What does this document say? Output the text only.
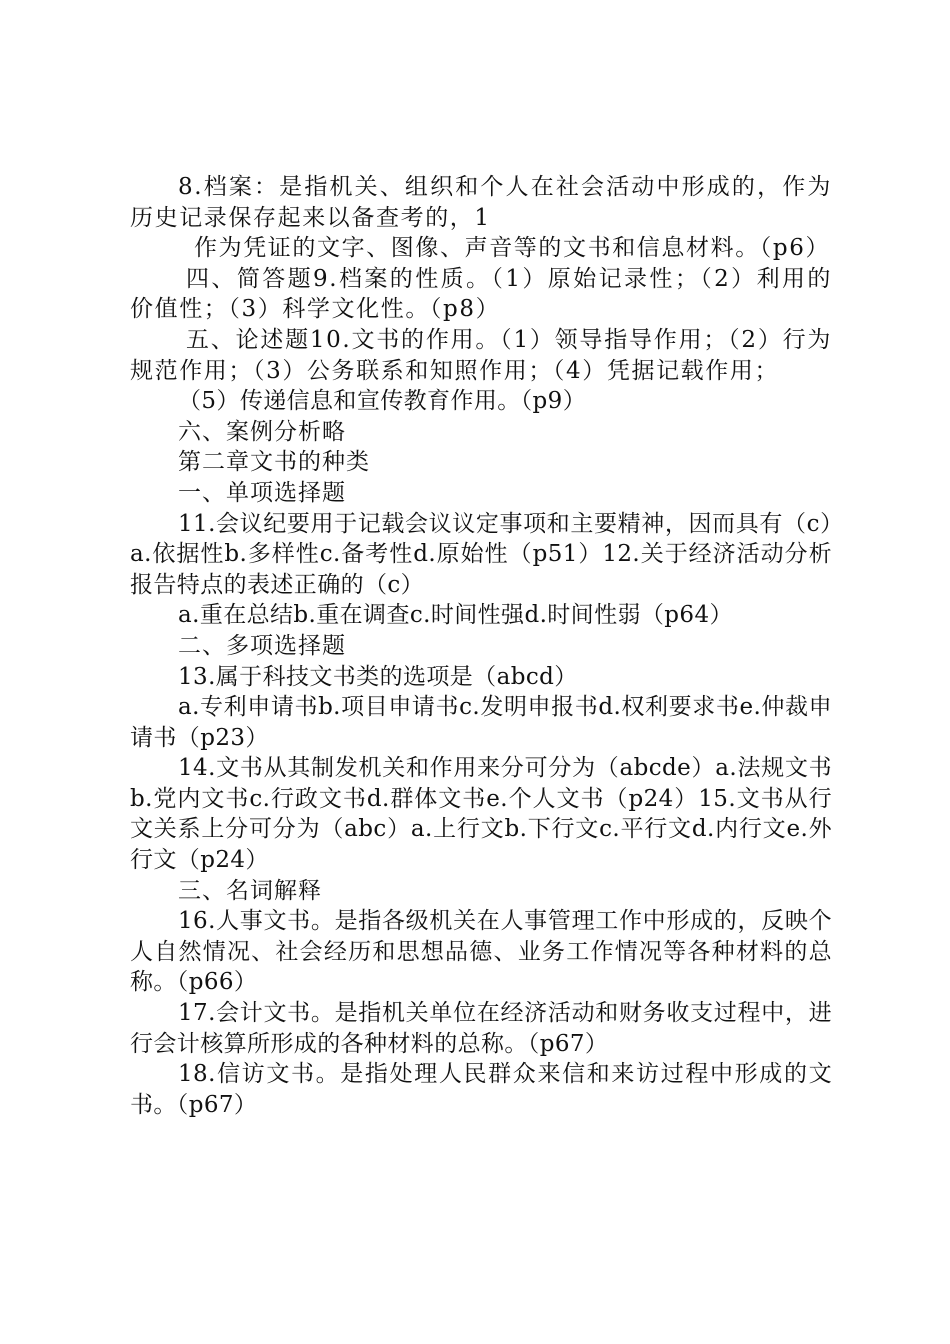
8.档案：是指机关、组织和个人在社会活动中形成的，作为历史记录保存起来以备查考的，1

作为凭证的文字、图像、声音等的文书和信息材料。（p6）

四、简答题9.档案的性质。（1）原始记录性；（2）利用的价值性；（3）科学文化性。（p8）

五、论述题10.文书的作用。（1）领导指导作用；（2）行为规范作用；（3）公务联系和知照作用；（4）凭据记载作用；

（5）传递信息和宣传教育作用。（p9）

六、案例分析略

第二章文书的种类

一、单项选择题

11.会议纪要用于记载会议议定事项和主要精神，因而具有（c）a.依据性b.多样性c.备考性d.原始性（p51）12.关于经济活动分析报告特点的表述正确的（c）

a.重在总结b.重在调查c.时间性强d.时间性弱（p64）

二、多项选择题

13.属于科技文书类的选项是（abcd）

a.专利申请书b.项目申请书c.发明申报书d.权利要求书e.仲裁申请书（p23）

14.文书从其制发机关和作用来分可分为（abcde）a.法规文书b.党内文书c.行政文书d.群体文书e.个人文书（p24）15.文书从行文关系上分可分为（abc）a.上行文b.下行文c.平行文d.内行文e.外行文（p24）

三、名词解释

16.人事文书。是指各级机关在人事管理工作中形成的，反映个人自然情况、社会经历和思想品德、业务工作情况等各种材料的总称。（p66）

17.会计文书。是指机关单位在经济活动和财务收支过程中，进行会计核算所形成的各种材料的总称。（p67）

18.信访文书。是指处理人民群众来信和来访过程中形成的文书。（p67）
